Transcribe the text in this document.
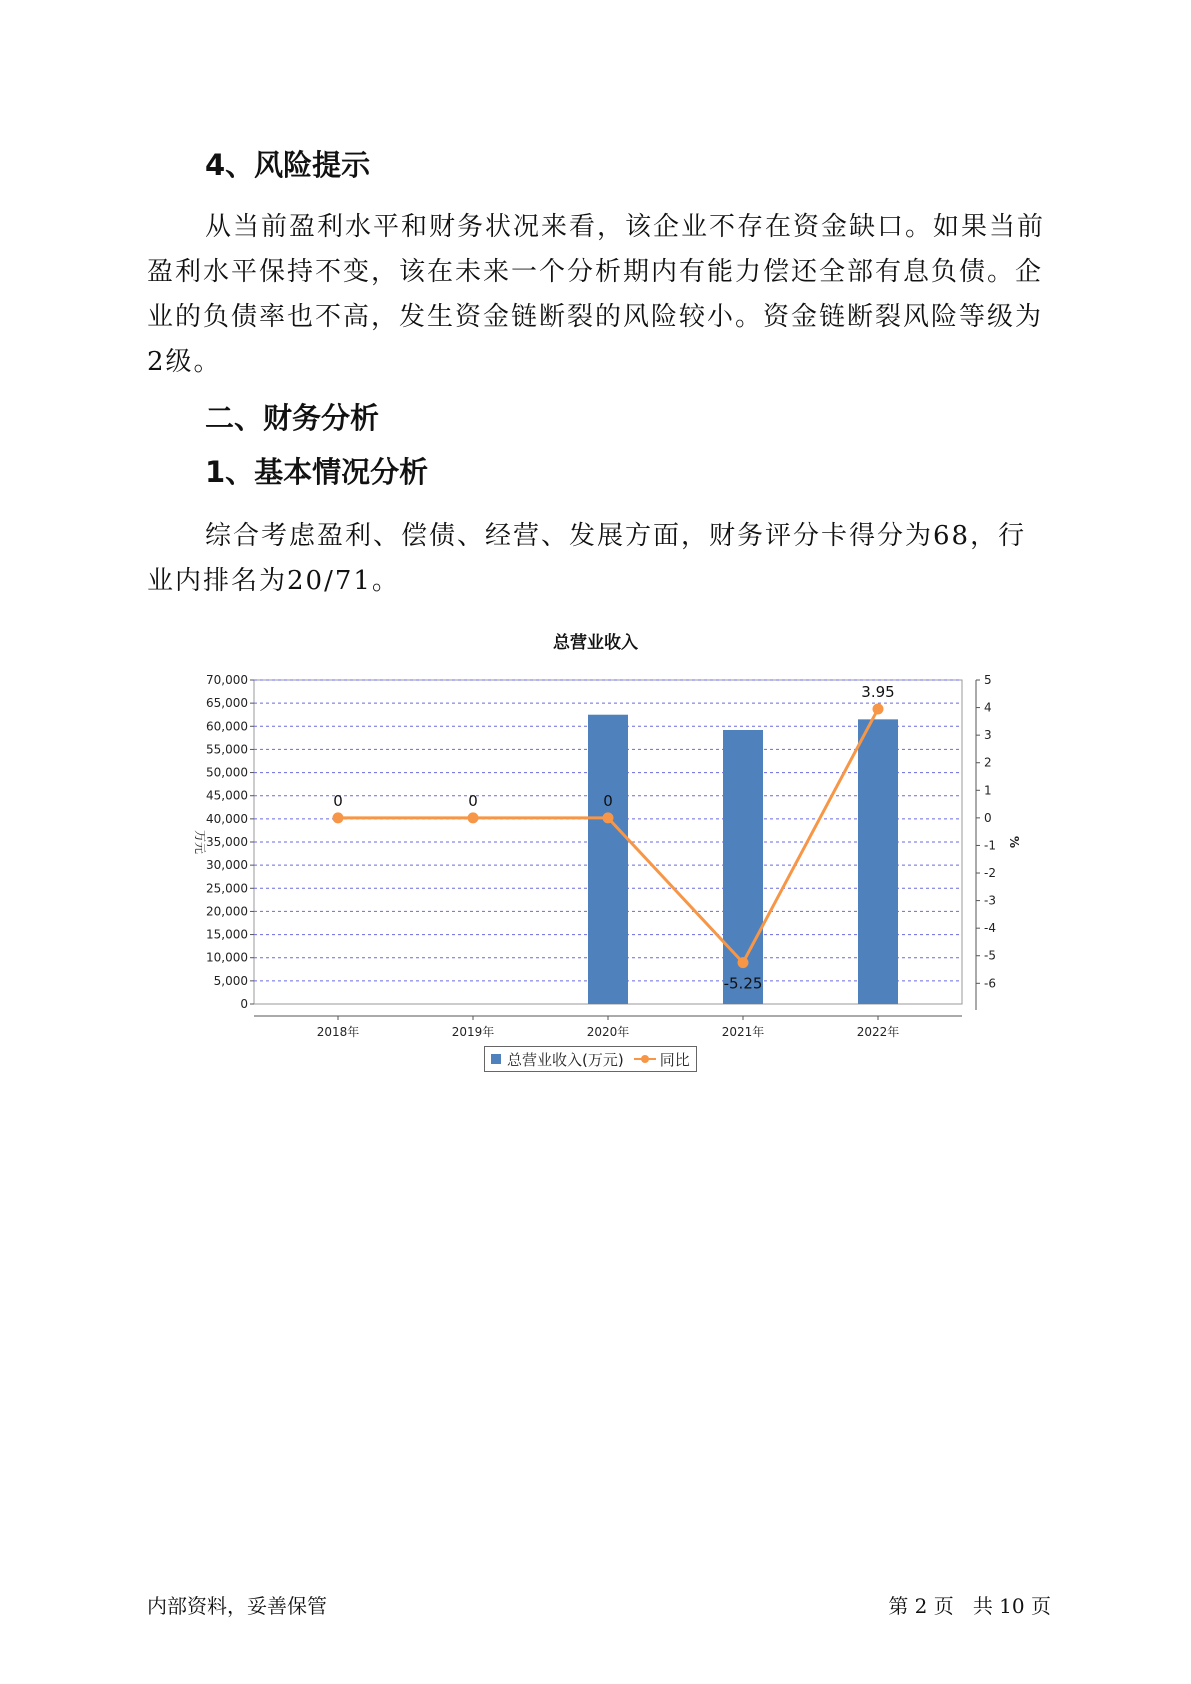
4、风险提示

从当前盈利水平和财务状况来看，该企业不存在资金缺口。如果当前盈利水平保持不变，该在未来一个分析期内有能力偿还全部有息负债。企业的负债率也不高，发生资金链断裂的风险较小。资金链断裂风险等级为2级。

二、财务分析
1、基本情况分析

综合考虑盈利、偿债、经营、发展方面，财务评分卡得分为68，行业内排名为20/71。

总营业收入
0
5,000
10,000
15,000
20,000
25,000
30,000
35,000
40,000
45,000
50,000
55,000
60,000
65,000
70,000
-6
-5
-4
-3
-2
-1
0
1
2
3
4
5
万元	%
2018年	2019年	2020年	2021年	2022年
0	0	0
-5.25
3.95
总营业收入(万元) 同比
内部资料，妥善保管	第 2 页   共 10 页
